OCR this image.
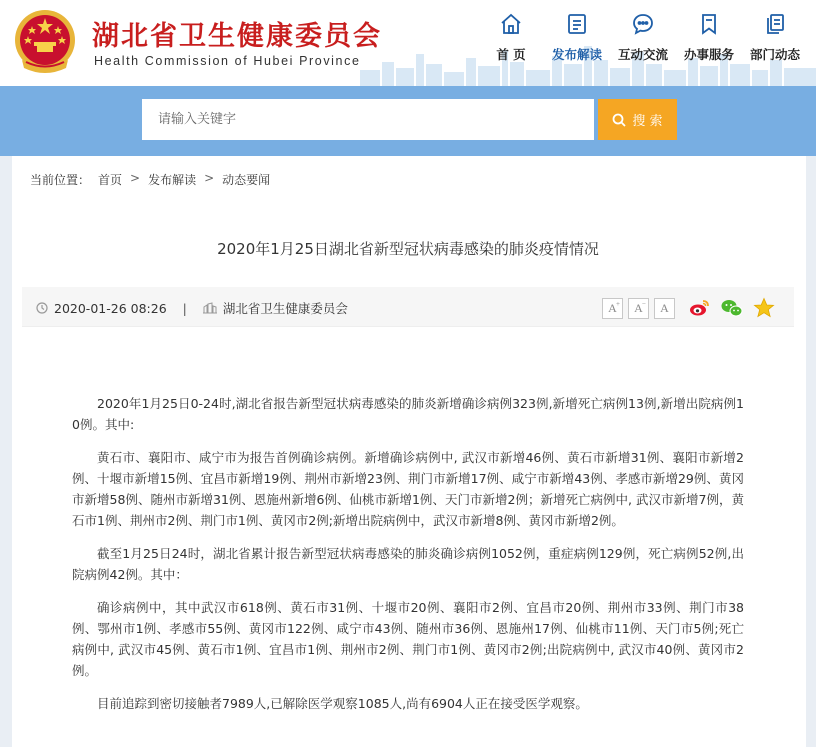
湖北省卫生健康委员会
Health Commission of Hubei Province	首 页	发布解读	互动交流	办事服务	部门动态
请输入关键字
搜 索
当前位置： 首页 > 发布解读 > 动态要闻
2020年1月25日湖北省新型冠状病毒感染的肺炎疫情情况
2020-01-26 08:26 |	湖北省卫生健康委员会	A+ A− A

2020年1月25日0-24时,湖北省报告新型冠状病毒感染的肺炎新增确诊病例323例,新增死亡病例13例,新增出院病例10例。其中:

黄石市、襄阳市、咸宁市为报告首例确诊病例。新增确诊病例中, 武汉市新增46例、黄石市新增31例、襄阳市新增2例、十堰市新增15例、宜昌市新增19例、荆州市新增23例、荆门市新增17例、咸宁市新增43例、孝感市新增29例、黄冈市新增58例、随州市新增31例、恩施州新增6例、仙桃市新增1例、天门市新增2例；新增死亡病例中, 武汉市新增7例，黄石市1例、荆州市2例、荆门市1例、黄冈市2例;新增出院病例中，武汉市新增8例、黄冈市新增2例。

截至1月25日24时，湖北省累计报告新型冠状病毒感染的肺炎确诊病例1052例，重症病例129例，死亡病例52例,出院病例42例。其中：

确诊病例中，其中武汉市618例、黄石市31例、十堰市20例、襄阳市2例、宜昌市20例、荆州市33例、荆门市38例、鄂州市1例、孝感市55例、黄冈市122例、咸宁市43例、随州市36例、恩施州17例、仙桃市11例、天门市5例;死亡病例中, 武汉市45例、黄石市1例、宜昌市1例、荆州市2例、荆门市1例、黄冈市2例;出院病例中, 武汉市40例、黄冈市2例。

目前追踪到密切接触者7989人,已解除医学观察1085人,尚有6904人正在接受医学观察。
